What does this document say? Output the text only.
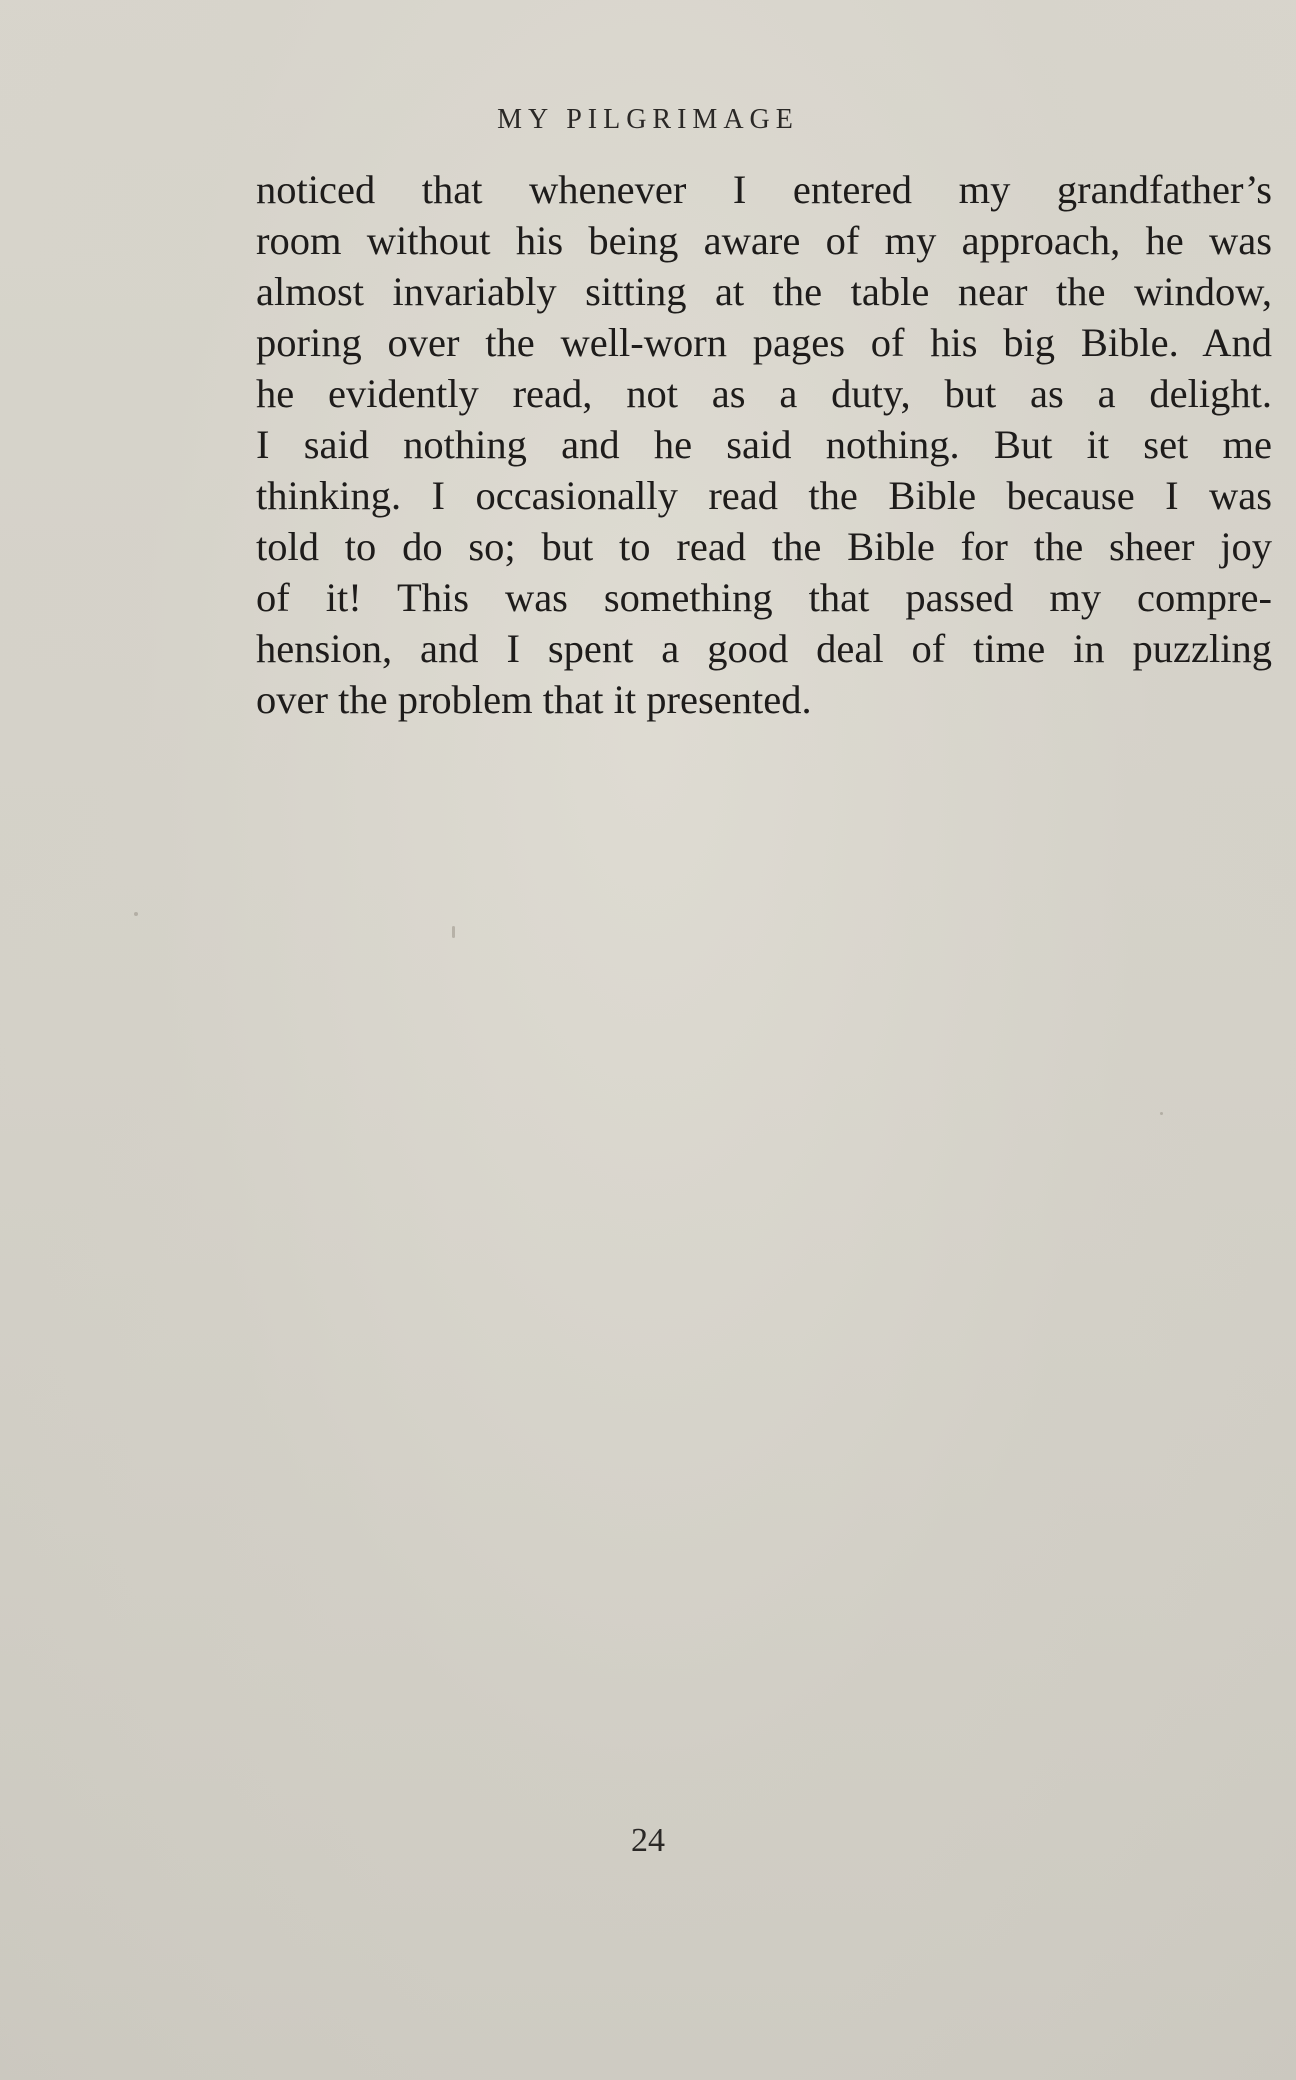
MY PILGRIMAGE
noticed that whenever I entered my grandfather’s
room without his being aware of my approach, he was
almost invariably sitting at the table near the window,
poring over the well-worn pages of his big Bible. And
he evidently read, not as a duty, but as a delight.
I said nothing and he said nothing. But it set me
thinking. I occasionally read the Bible because I was
told to do so; but to read the Bible for the sheer joy
of it! This was something that passed my compre-
hension, and I spent a good deal of time in puzzling
over the problem that it presented.
24
